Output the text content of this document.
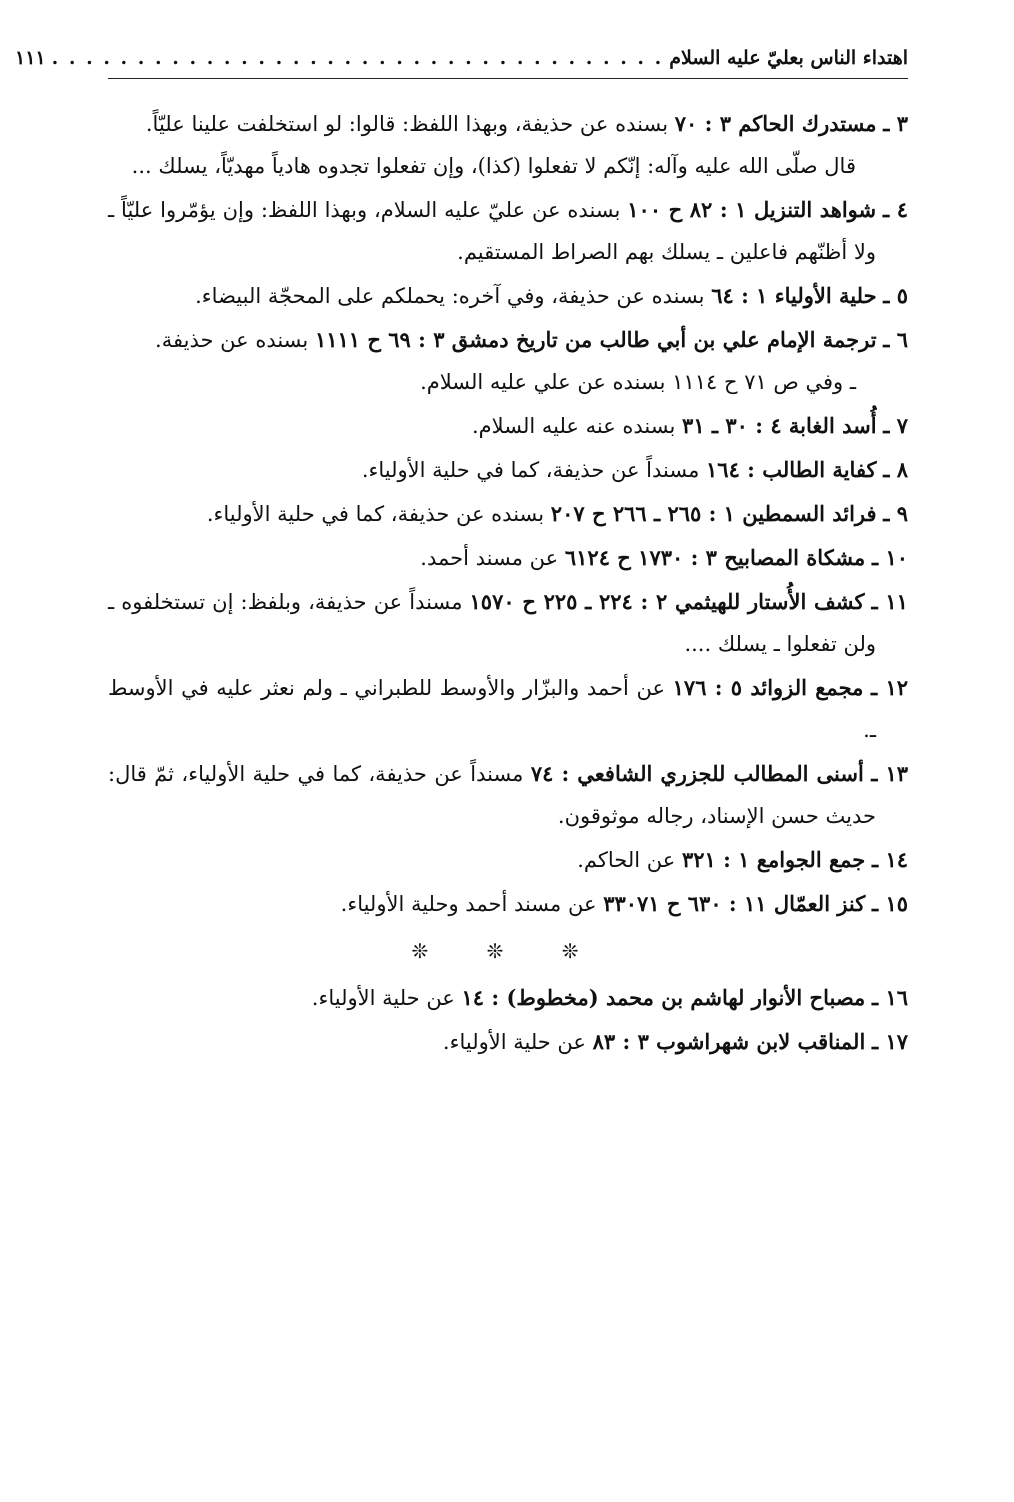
اهتداء الناس بعليّ عليه السلام
. . . . . . . . . . . . . . . . . . . . . . . . . . . . . . . . . . . .
١١١
٣ ـ مستدرك الحاكم ٣ : ٧٠ بسنده عن حذيفة، وبهذا اللفظ: قالوا: لو استخلفت علينا عليّاً.
قال صلّى الله عليه وآله: إنّكم لا تفعلوا (كذا)، وإن تفعلوا تجدوه هادياً مهديّاً، يسلك ...
٤ ـ شواهد التنزيل ١ : ٨٢ ح ١٠٠ بسنده عن عليّ عليه السلام، وبهذا اللفظ: وإن يؤمّروا عليّاً ـ ولا أظنّهم فاعلين ـ يسلك بهم الصراط المستقيم.
٥ ـ حلية الأولياء ١ : ٦٤ بسنده عن حذيفة، وفي آخره: يحملكم على المحجّة البيضاء.
٦ ـ ترجمة الإمام علي بن أبي طالب من تاريخ دمشق ٣ : ٦٩ ح ١١١١ بسنده عن حذيفة.
ـ وفي ص ٧١ ح ١١١٤ بسنده عن علي عليه السلام.
٧ ـ أُسد الغابة ٤ : ٣٠ ـ ٣١ بسنده عنه عليه السلام.
٨ ـ كفاية الطالب : ١٦٤ مسنداً عن حذيفة، كما في حلية الأولياء.
٩ ـ فرائد السمطين ١ : ٢٦٥ ـ ٢٦٦ ح ٢٠٧ بسنده عن حذيفة، كما في حلية الأولياء.
١٠ ـ مشكاة المصابيح ٣ : ١٧٣٠ ح ٦١٢٤ عن مسند أحمد.
١١ ـ كشف الأُستار للهيثمي ٢ : ٢٢٤ ـ ٢٢٥ ح ١٥٧٠ مسنداً عن حذيفة، وبلفظ: إن تستخلفوه ـ ولن تفعلوا ـ يسلك ....
١٢ ـ مجمع الزوائد ٥ : ١٧٦ عن أحمد والبزّار والأوسط للطبراني ـ ولم نعثر عليه في الأوسط ـ.
١٣ ـ أسنى المطالب للجزري الشافعي : ٧٤ مسنداً عن حذيفة، كما في حلية الأولياء، ثمّ قال: حديث حسن الإسناد، رجاله موثوقون.
١٤ ـ جمع الجوامع ١ : ٣٢١ عن الحاكم.
١٥ ـ كنز العمّال ١١ : ٦٣٠ ح ٣٣٠٧١ عن مسند أحمد وحلية الأولياء.
❊ ❊ ❊
١٦ ـ مصباح الأنوار لهاشم بن محمد (مخطوط) : ١٤ عن حلية الأولياء.
١٧ ـ المناقب لابن شهراشوب ٣ : ٨٣ عن حلية الأولياء.
